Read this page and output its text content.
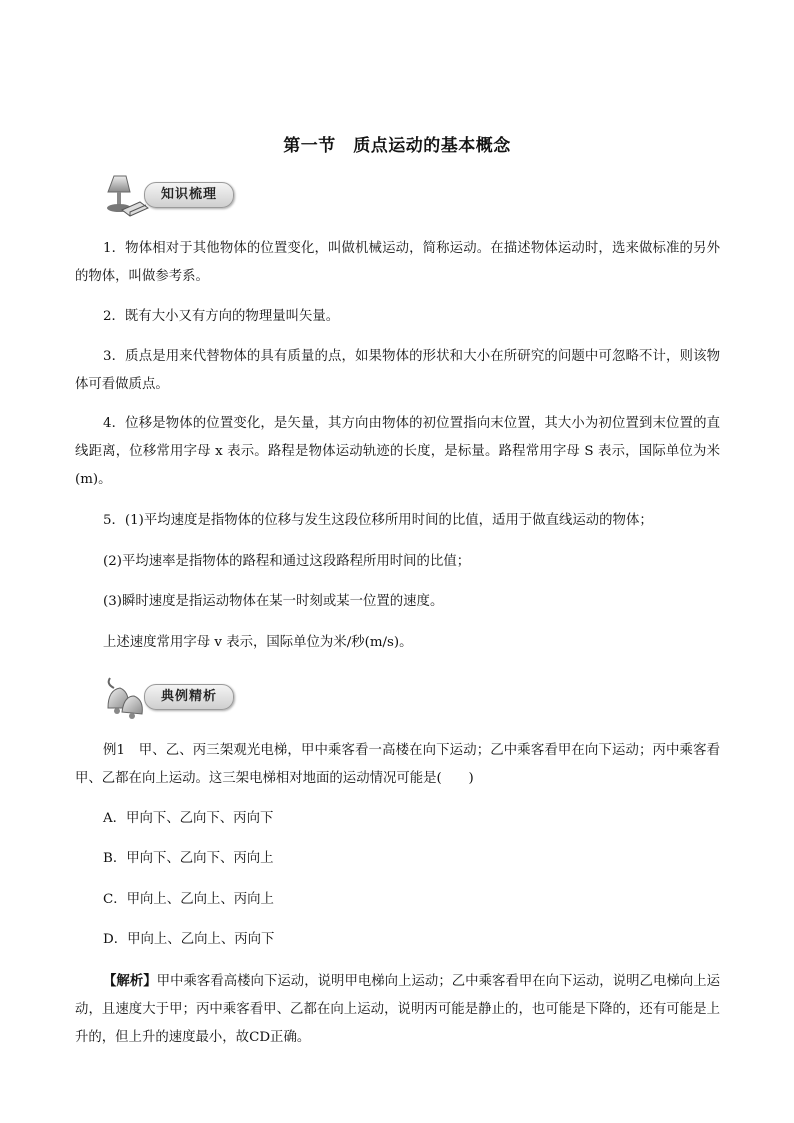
第一节　质点运动的基本概念
知识梳理

1．物体相对于其他物体的位置变化，叫做机械运动，简称运动。在描述物体运动时，选来做标准的另外的物体，叫做参考系。

2．既有大小又有方向的物理量叫矢量。

3．质点是用来代替物体的具有质量的点，如果物体的形状和大小在所研究的问题中可忽略不计，则该物体可看做质点。

4．位移是物体的位置变化，是矢量，其方向由物体的初位置指向末位置，其大小为初位置到末位置的直线距离，位移常用字母 x 表示。路程是物体运动轨迹的长度，是标量。路程常用字母 S 表示，国际单位为米(m)。

5．(1)平均速度是指物体的位移与发生这段位移所用时间的比值，适用于做直线运动的物体；

(2)平均速率是指物体的路程和通过这段路程所用时间的比值；

(3)瞬时速度是指运动物体在某一时刻或某一位置的速度。

上述速度常用字母 v 表示，国际单位为米/秒(m/s)。

典例精析

例1　甲、乙、丙三架观光电梯，甲中乘客看一高楼在向下运动；乙中乘客看甲在向下运动；丙中乘客看甲、乙都在向上运动。这三架电梯相对地面的运动情况可能是(　　)

A．甲向下、乙向下、丙向下

B．甲向下、乙向下、丙向上

C．甲向上、乙向上、丙向上

D．甲向上、乙向上、丙向下

【解析】甲中乘客看高楼向下运动，说明甲电梯向上运动；乙中乘客看甲在向下运动，说明乙电梯向上运动，且速度大于甲；丙中乘客看甲、乙都在向上运动，说明丙可能是静止的，也可能是下降的，还有可能是上升的，但上升的速度最小，故CD正确。
